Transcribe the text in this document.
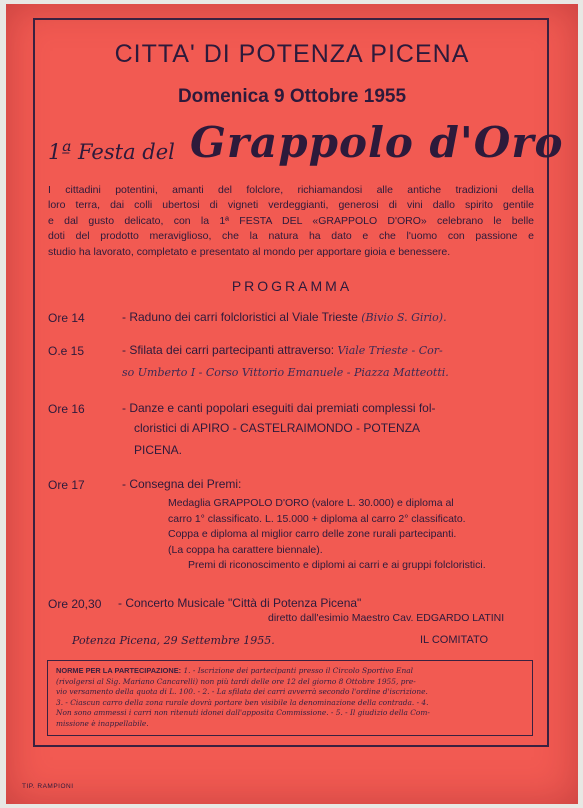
CITTA' DI POTENZA PICENA
Domenica 9 Ottobre 1955
1ª Festa del Grappolo d'Oro
I cittadini potentini, amanti del folclore, richiamandosi alle antiche tradizioni della
loro terra, dai colli ubertosi di vigneti verdeggianti, generosi di vini dallo spirito gentile
e dal gusto delicato, con la 1ª FESTA DEL «GRAPPOLO D'ORO» celebrano le belle
doti del prodotto meraviglioso, che la natura ha dato e che l'uomo con passione e
studio ha lavorato, completato e presentato al mondo per apportare gioia e benessere.
PROGRAMMA
Ore 14	- Raduno dei carri folcloristici al Viale Trieste (Bivio S. Girio).
O.e 15	- Sfilata dei carri partecipanti attraverso: Viale Trieste - Cor-
so Umberto I - Corso Vittorio Emanuele - Piazza Matteotti.
Ore 16	- Danze e canti popolari eseguiti dai premiati complessi fol-
cloristici di APIRO - CASTELRAIMONDO - POTENZA
PICENA.
Ore 17	- Consegna dei Premi:
Medaglia GRAPPOLO D'ORO (valore L. 30.000) e diploma al
carro 1° classificato. L. 15.000 + diploma al carro 2° classificato.
Coppa e diploma al miglior carro delle zone rurali partecipanti.
(La coppa ha carattere biennale).
Premi di riconoscimento e diplomi ai carri e ai gruppi folcloristici.
Ore 20,30 - Concerto Musicale "Città di Potenza Picena"
diretto dall'esimio Maestro Cav. EDGARDO LATINI
Potenza Picena, 29 Settembre 1955.	IL COMITATO
NORME PER LA PARTECIPAZIONE: 1. - Iscrizione dei partecipanti presso il Circolo Sportivo Enal
(rivolgersi al Sig. Mariano Cancarelli) non più tardi delle ore 12 del giorno 8 Ottobre 1955, pre-
vio versamento della quota di L. 100. - 2. - La sfilata dei carri avverrà secondo l'ordine d'iscrizione.
3. - Ciascun carro della zona rurale dovrà portare ben visibile la denominazione della contrada. - 4.
Non sono ammessi i carri non ritenuti idonei dall'apposita Commissione. - 5. - Il giudizio della Com-
missione è inappellabile.
TIP. RAMPIONI
